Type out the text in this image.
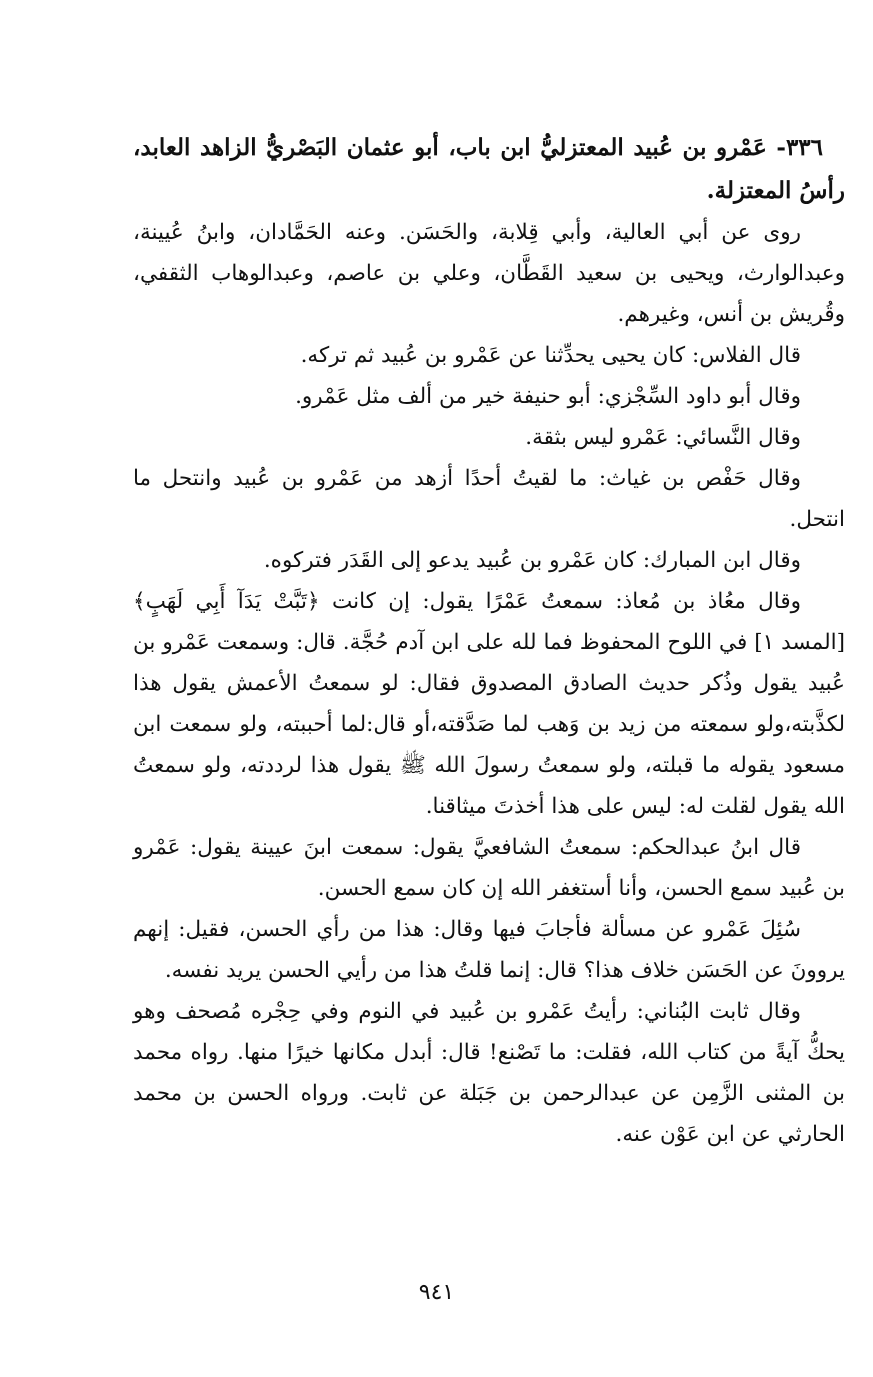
٣٣٦- عَمْرو بن عُبيد المعتزليُّ ابن باب، أبو عثمان البَصْريُّ الزاهد العابد، رأسُ المعتزلة.

روى عن أبي العالية، وأبي قِلابة، والحَسَن. وعنه الحَمَّادان، وابنُ عُيينة، وعبدالوارث، ويحيى بن سعيد القَطَّان، وعلي بن عاصم، وعبدالوهاب الثقفي، وقُريش بن أنس، وغيرهم.

قال الفلاس: كان يحيى يحدِّثنا عن عَمْرو بن عُبيد ثم تركه.

وقال أبو داود السِّجْزي: أبو حنيفة خير من ألف مثل عَمْرو.

وقال النَّسائي: عَمْرو ليس بثقة.

وقال حَفْص بن غياث: ما لقيتُ أحدًا أزهد من عَمْرو بن عُبيد وانتحل ما انتحل.

وقال ابن المبارك: كان عَمْرو بن عُبيد يدعو إلى القَدَر فتركوه.

وقال معُاذ بن مُعاذ: سمعتُ عَمْرًا يقول: إن كانت ﴿تَبَّتْ يَدَآ أَبِي لَهَبٍ﴾ [المسد ١] في اللوح المحفوظ فما لله على ابن آدم حُجَّة. قال: وسمعت عَمْرو بن عُبيد يقول وذُكر حديث الصادق المصدوق فقال: لو سمعتُ الأعمش يقول هذا لكذَّبته،ولو سمعته من زيد بن وَهب لما صَدَّقته،أو قال:لما أحببته، ولو سمعت ابن مسعود يقوله ما قبلته، ولو سمعتُ رسولَ الله ﷺ يقول هذا لرددته، ولو سمعتُ الله يقول لقلت له: ليس على هذا أخذتَ ميثاقنا.

قال ابنُ عبدالحكم: سمعتُ الشافعيَّ يقول: سمعت ابنَ عيينة يقول: عَمْرو بن عُبيد سمع الحسن، وأنا أستغفر الله إن كان سمع الحسن.

سُئِلَ عَمْرو عن مسألة فأجابَ فيها وقال: هذا من رأي الحسن، فقيل: إنهم يروونَ عن الحَسَن خلاف هذا؟ قال: إنما قلتُ هذا من رأيي الحسن يريد نفسه.

وقال ثابت البُناني: رأيتُ عَمْرو بن عُبيد في النوم وفي حِجْره مُصحف وهو يحكُّ آيةً من كتاب الله، فقلت: ما تَصْنع! قال: أبدل مكانها خيرًا منها. رواه محمد بن المثنى الزَّمِن عن عبدالرحمن بن جَبَلة عن ثابت. ورواه الحسن بن محمد الحارثي عن ابن عَوْن عنه.

٩٤١
